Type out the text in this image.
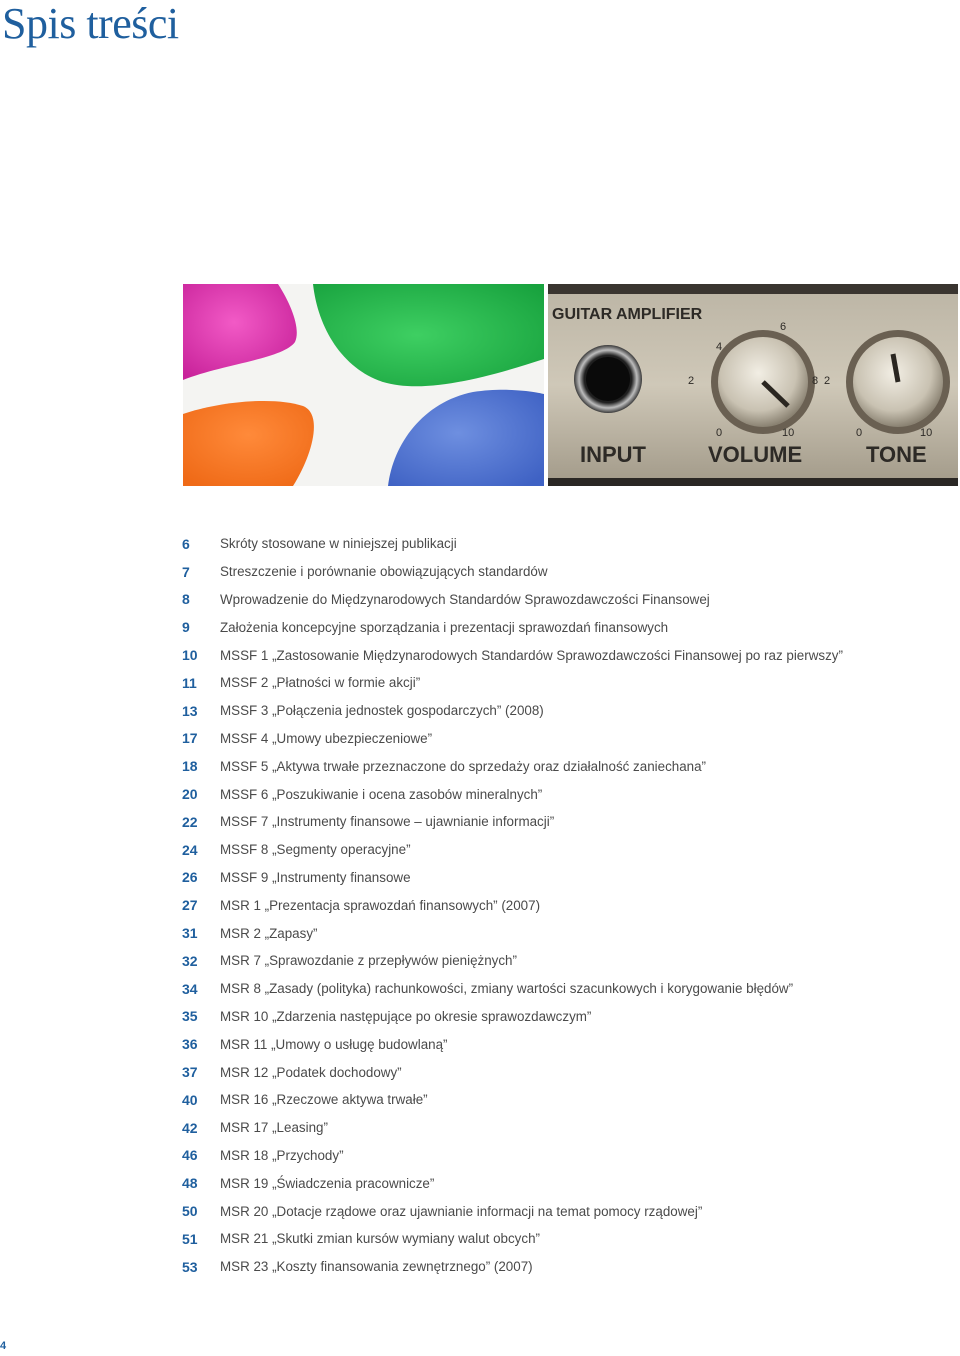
Spis treści
GUITAR AMPLIFIER
4
6
2	8
0	10
2
0	10
INPUT	VOLUME	TONE
6	Skróty stosowane w niniejszej publikacji
7	Streszczenie i porównanie obowiązujących standardów
8	Wprowadzenie do Międzynarodowych Standardów Sprawozdawczości Finansowej
9	Założenia koncepcyjne sporządzania i prezentacji sprawozdań finansowych
10	MSSF 1 „Zastosowanie Międzynarodowych Standardów Sprawozdawczości Finansowej po raz pierwszy”
11	MSSF 2 „Płatności w formie akcji”
13	MSSF 3 „Połączenia jednostek gospodarczych” (2008)
17	MSSF 4 „Umowy ubezpieczeniowe”
18	MSSF 5 „Aktywa trwałe przeznaczone do sprzedaży oraz działalność zaniechana”
20	MSSF 6 „Poszukiwanie i ocena zasobów mineralnych”
22	MSSF 7 „Instrumenty finansowe – ujawnianie informacji”
24	MSSF 8 „Segmenty operacyjne”
26	MSSF 9 „Instrumenty finansowe
27	MSR 1 „Prezentacja sprawozdań finansowych” (2007)
31	MSR 2 „Zapasy”
32	MSR 7 „Sprawozdanie z przepływów pieniężnych”
34	MSR 8 „Zasady (polityka) rachunkowości, zmiany wartości szacunkowych i korygowanie błędów”
35	MSR 10 „Zdarzenia następujące po okresie sprawozdawczym”
36	MSR 11 „Umowy o usługę budowlaną”
37	MSR 12 „Podatek dochodowy”
40	MSR 16 „Rzeczowe aktywa trwałe”
42	MSR 17 „Leasing”
46	MSR 18 „Przychody”
48	MSR 19 „Świadczenia pracownicze”
50	MSR 20 „Dotacje rządowe oraz ujawnianie informacji na temat pomocy rządowej”
51	MSR 21 „Skutki zmian kursów wymiany walut obcych”
53	MSR 23 „Koszty finansowania zewnętrznego” (2007)
4
